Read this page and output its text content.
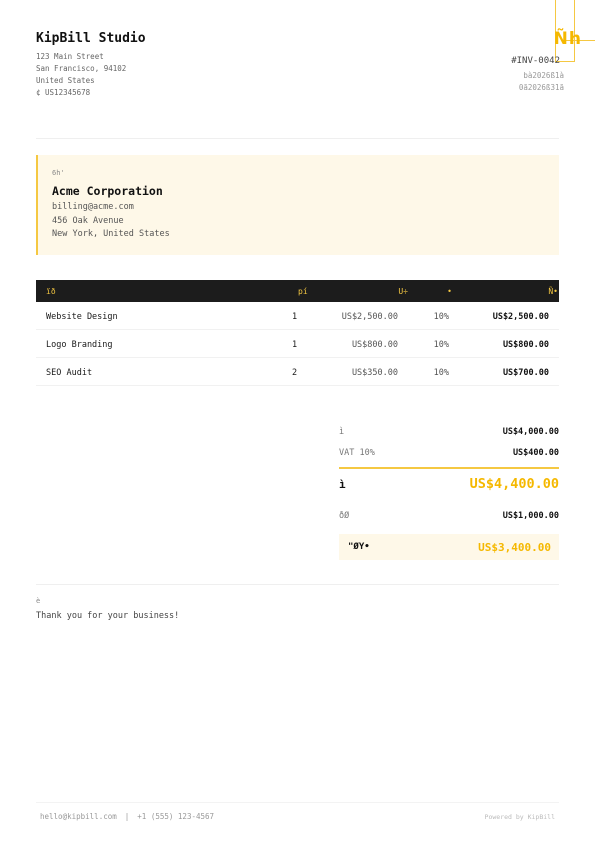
Ñh
KipBill Studio
123 Main Street
San Francisco, 94102
United States
¢ US12345678
#INV-0042
bà2026ß1à
0ã2026ß31ã
6h'
Acme Corporation
billing@acme.com
456 Oak Avenue
New York, United States
ïð	pí	U÷	•	Ñ•
Website Design	1	US$2,500.00	10%	US$2,500.00
Logo Branding	1	US$800.00	10%	US$800.00
SEO Audit	2	US$350.00	10%	US$700.00
ì	US$4,000.00
VAT 10%	US$400.00
ì	US$4,400.00
ðØ	US$1,000.00
"ØY•	US$3,400.00
è
Thank you for your business!
hello@kipbill.com | +1 (555) 123-4567	Powered by KipBill
